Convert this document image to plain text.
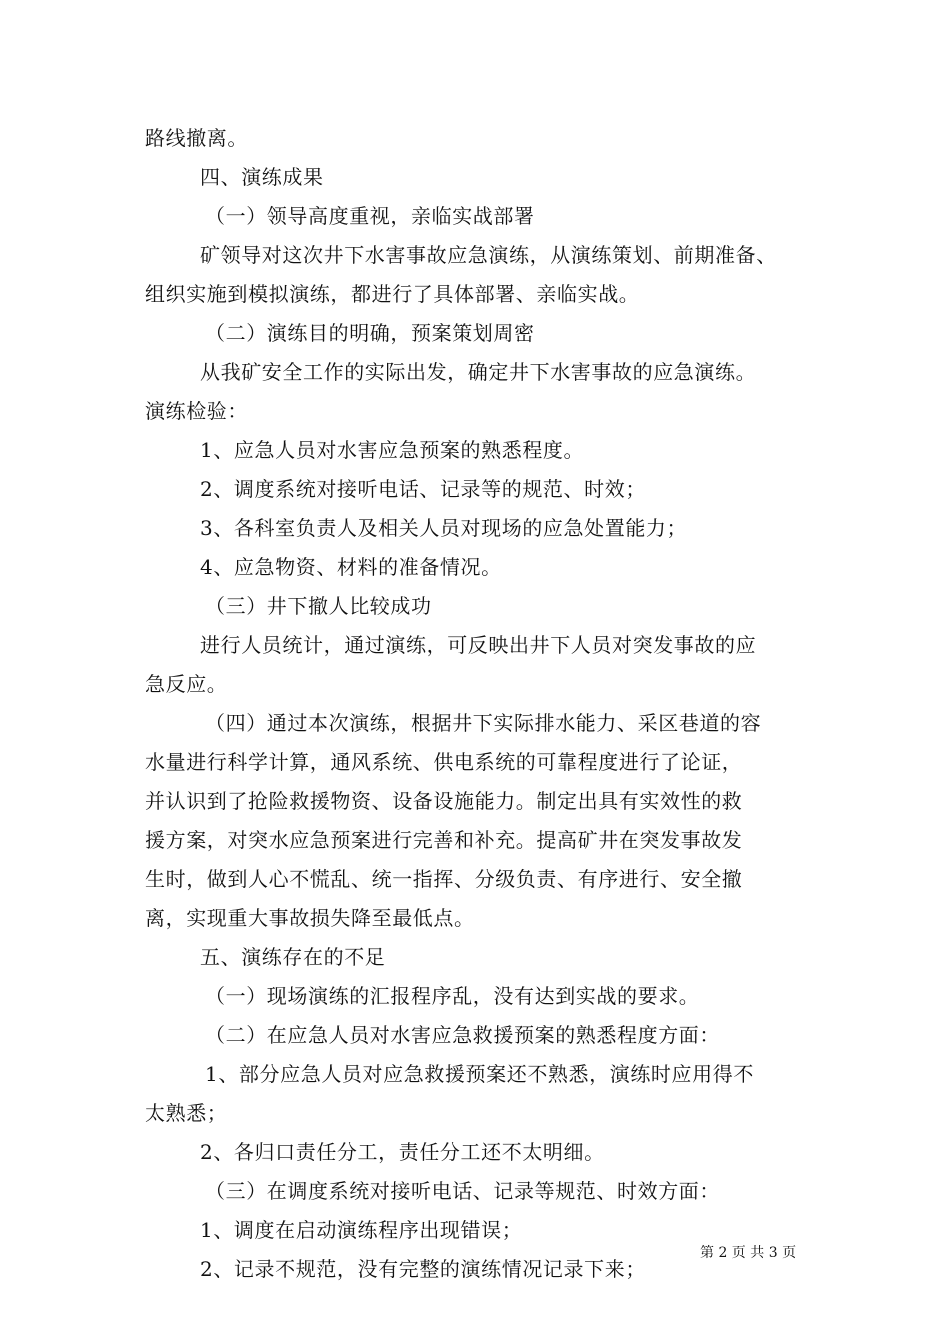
路线撤离。
四、演练成果
（一）领导高度重视，亲临实战部署
矿领导对这次井下水害事故应急演练，从演练策划、前期准备、
组织实施到模拟演练，都进行了具体部署、亲临实战。
（二）演练目的明确，预案策划周密
从我矿安全工作的实际出发，确定井下水害事故的应急演练。
演练检验：
1、应急人员对水害应急预案的熟悉程度。
2、调度系统对接听电话、记录等的规范、时效；
3、各科室负责人及相关人员对现场的应急处置能力；
4、应急物资、材料的准备情况。
（三）井下撤人比较成功
进行人员统计，通过演练，可反映出井下人员对突发事故的应
急反应。
（四）通过本次演练，根据井下实际排水能力、采区巷道的容
水量进行科学计算，通风系统、供电系统的可靠程度进行了论证，
并认识到了抢险救援物资、设备设施能力。制定出具有实效性的救
援方案，对突水应急预案进行完善和补充。提高矿井在突发事故发
生时，做到人心不慌乱、统一指挥、分级负责、有序进行、安全撤
离，实现重大事故损失降至最低点。
五、演练存在的不足
（一）现场演练的汇报程序乱，没有达到实战的要求。
（二）在应急人员对水害应急救援预案的熟悉程度方面：
1、部分应急人员对应急救援预案还不熟悉，演练时应用得不
太熟悉；
2、各归口责任分工，责任分工还不太明细。
（三）在调度系统对接听电话、记录等规范、时效方面：
1、调度在启动演练程序出现错误；
2、记录不规范，没有完整的演练情况记录下来；
第 2 页 共 3 页
